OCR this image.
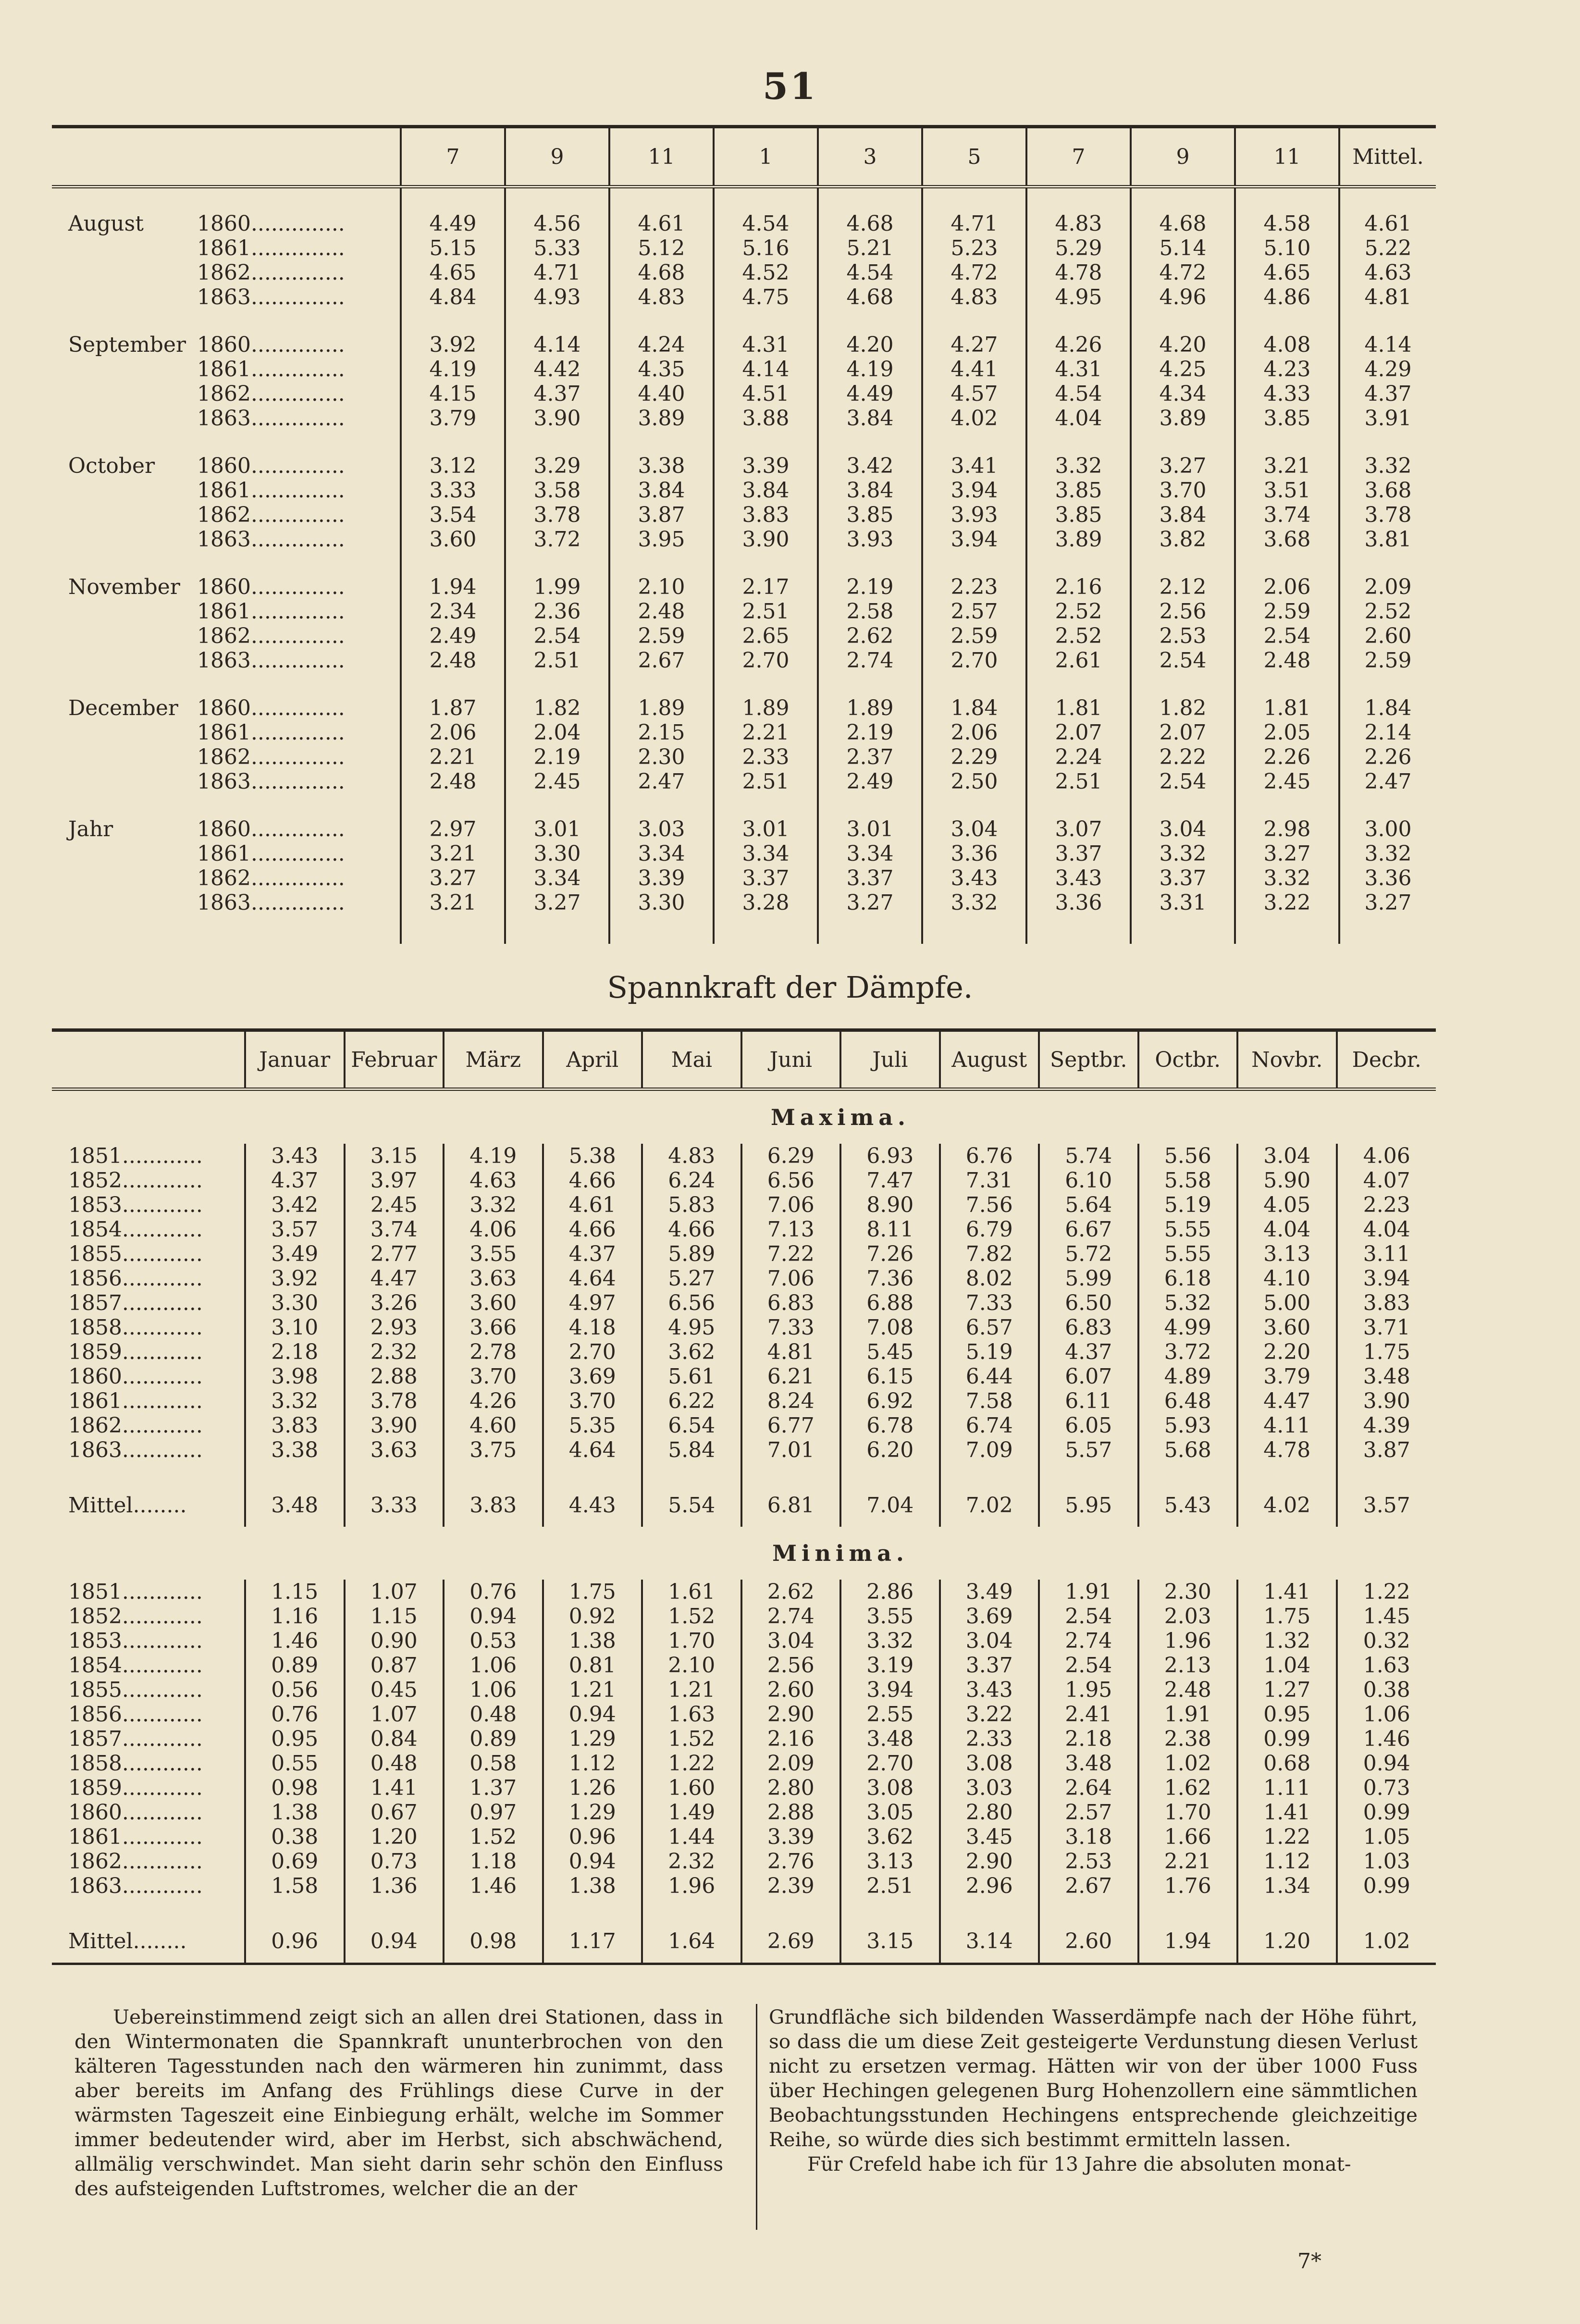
51
	7	9	11	1	3	5	7	9	11	Mittel.

August 1860..............	4.49	4.56	4.61	4.54	4.68	4.71	4.83	4.68	4.58	4.61
1861..............	5.15	5.33	5.12	5.16	5.21	5.23	5.29	5.14	5.10	5.22
1862..............	4.65	4.71	4.68	4.52	4.54	4.72	4.78	4.72	4.65	4.63
1863..............	4.84	4.93	4.83	4.75	4.68	4.83	4.95	4.96	4.86	4.81

September 1860..............	3.92	4.14	4.24	4.31	4.20	4.27	4.26	4.20	4.08	4.14
1861..............	4.19	4.42	4.35	4.14	4.19	4.41	4.31	4.25	4.23	4.29
1862..............	4.15	4.37	4.40	4.51	4.49	4.57	4.54	4.34	4.33	4.37
1863..............	3.79	3.90	3.89	3.88	3.84	4.02	4.04	3.89	3.85	3.91

October 1860..............	3.12	3.29	3.38	3.39	3.42	3.41	3.32	3.27	3.21	3.32
1861..............	3.33	3.58	3.84	3.84	3.84	3.94	3.85	3.70	3.51	3.68
1862..............	3.54	3.78	3.87	3.83	3.85	3.93	3.85	3.84	3.74	3.78
1863..............	3.60	3.72	3.95	3.90	3.93	3.94	3.89	3.82	3.68	3.81

November 1860..............	1.94	1.99	2.10	2.17	2.19	2.23	2.16	2.12	2.06	2.09
1861..............	2.34	2.36	2.48	2.51	2.58	2.57	2.52	2.56	2.59	2.52
1862..............	2.49	2.54	2.59	2.65	2.62	2.59	2.52	2.53	2.54	2.60
1863..............	2.48	2.51	2.67	2.70	2.74	2.70	2.61	2.54	2.48	2.59

December 1860..............	1.87	1.82	1.89	1.89	1.89	1.84	1.81	1.82	1.81	1.84
1861..............	2.06	2.04	2.15	2.21	2.19	2.06	2.07	2.07	2.05	2.14
1862..............	2.21	2.19	2.30	2.33	2.37	2.29	2.24	2.22	2.26	2.26
1863..............	2.48	2.45	2.47	2.51	2.49	2.50	2.51	2.54	2.45	2.47

Jahr 1860..............	2.97	3.01	3.03	3.01	3.01	3.04	3.07	3.04	2.98	3.00
1861..............	3.21	3.30	3.34	3.34	3.34	3.36	3.37	3.32	3.27	3.32
1862..............	3.27	3.34	3.39	3.37	3.37	3.43	3.43	3.37	3.32	3.36
1863..............	3.21	3.27	3.30	3.28	3.27	3.32	3.36	3.31	3.22	3.27

Spannkraft der Dämpfe.
	Januar	Februar	März	April	Mai	Juni	Juli	August	Septbr.	Octbr.	Novbr.	Decbr.
	Maxima.											
1851............	3.43	3.15	4.19	5.38	4.83	6.29	6.93	6.76	5.74	5.56	3.04	4.06
1852............	4.37	3.97	4.63	4.66	6.24	6.56	7.47	7.31	6.10	5.58	5.90	4.07
1853............	3.42	2.45	3.32	4.61	5.83	7.06	8.90	7.56	5.64	5.19	4.05	2.23
1854............	3.57	3.74	4.06	4.66	4.66	7.13	8.11	6.79	6.67	5.55	4.04	4.04
1855............	3.49	2.77	3.55	4.37	5.89	7.22	7.26	7.82	5.72	5.55	3.13	3.11
1856............	3.92	4.47	3.63	4.64	5.27	7.06	7.36	8.02	5.99	6.18	4.10	3.94
1857............	3.30	3.26	3.60	4.97	6.56	6.83	6.88	7.33	6.50	5.32	5.00	3.83
1858............	3.10	2.93	3.66	4.18	4.95	7.33	7.08	6.57	6.83	4.99	3.60	3.71
1859............	2.18	2.32	2.78	2.70	3.62	4.81	5.45	5.19	4.37	3.72	2.20	1.75
1860............	3.98	2.88	3.70	3.69	5.61	6.21	6.15	6.44	6.07	4.89	3.79	3.48
1861............	3.32	3.78	4.26	3.70	6.22	8.24	6.92	7.58	6.11	6.48	4.47	3.90
1862............	3.83	3.90	4.60	5.35	6.54	6.77	6.78	6.74	6.05	5.93	4.11	4.39
1863............	3.38	3.63	3.75	4.64	5.84	7.01	6.20	7.09	5.57	5.68	4.78	3.87

Mittel........	3.48	3.33	3.83	4.43	5.54	6.81	7.04	7.02	5.95	5.43	4.02	3.57
	Minima.											
1851............	1.15	1.07	0.76	1.75	1.61	2.62	2.86	3.49	1.91	2.30	1.41	1.22
1852............	1.16	1.15	0.94	0.92	1.52	2.74	3.55	3.69	2.54	2.03	1.75	1.45
1853............	1.46	0.90	0.53	1.38	1.70	3.04	3.32	3.04	2.74	1.96	1.32	0.32
1854............	0.89	0.87	1.06	0.81	2.10	2.56	3.19	3.37	2.54	2.13	1.04	1.63
1855............	0.56	0.45	1.06	1.21	1.21	2.60	3.94	3.43	1.95	2.48	1.27	0.38
1856............	0.76	1.07	0.48	0.94	1.63	2.90	2.55	3.22	2.41	1.91	0.95	1.06
1857............	0.95	0.84	0.89	1.29	1.52	2.16	3.48	2.33	2.18	2.38	0.99	1.46
1858............	0.55	0.48	0.58	1.12	1.22	2.09	2.70	3.08	3.48	1.02	0.68	0.94
1859............	0.98	1.41	1.37	1.26	1.60	2.80	3.08	3.03	2.64	1.62	1.11	0.73
1860............	1.38	0.67	0.97	1.29	1.49	2.88	3.05	2.80	2.57	1.70	1.41	0.99
1861............	0.38	1.20	1.52	0.96	1.44	3.39	3.62	3.45	3.18	1.66	1.22	1.05
1862............	0.69	0.73	1.18	0.94	2.32	2.76	3.13	2.90	2.53	2.21	1.12	1.03
1863............	1.58	1.36	1.46	1.38	1.96	2.39	2.51	2.96	2.67	1.76	1.34	0.99

Mittel........	0.96	0.94	0.98	1.17	1.64	2.69	3.15	3.14	2.60	1.94	1.20	1.02

Uebereinstimmend zeigt sich an allen drei Stationen, dass in den Wintermonaten die Spannkraft ununterbrochen von den kälteren Tagesstunden nach den wärmeren hin zunimmt, dass aber bereits im Anfang des Frühlings diese Curve in der wärmsten Tageszeit eine Einbiegung erhält, welche im Sommer immer bedeutender wird, aber im Herbst, sich abschwächend, allmälig verschwindet. Man sieht darin sehr schön den Einfluss des aufsteigenden Luftstromes, welcher die an der

Grundfläche sich bildenden Wasserdämpfe nach der Höhe führt, so dass die um diese Zeit gesteigerte Verdunstung diesen Verlust nicht zu ersetzen vermag. Hätten wir von der über 1000 Fuss über Hechingen gelegenen Burg Hohenzollern eine sämmtlichen Beobachtungsstunden Hechingens entsprechende gleichzeitige Reihe, so würde dies sich bestimmt ermitteln lassen.

Für Crefeld habe ich für 13 Jahre die absoluten monat-

7*
